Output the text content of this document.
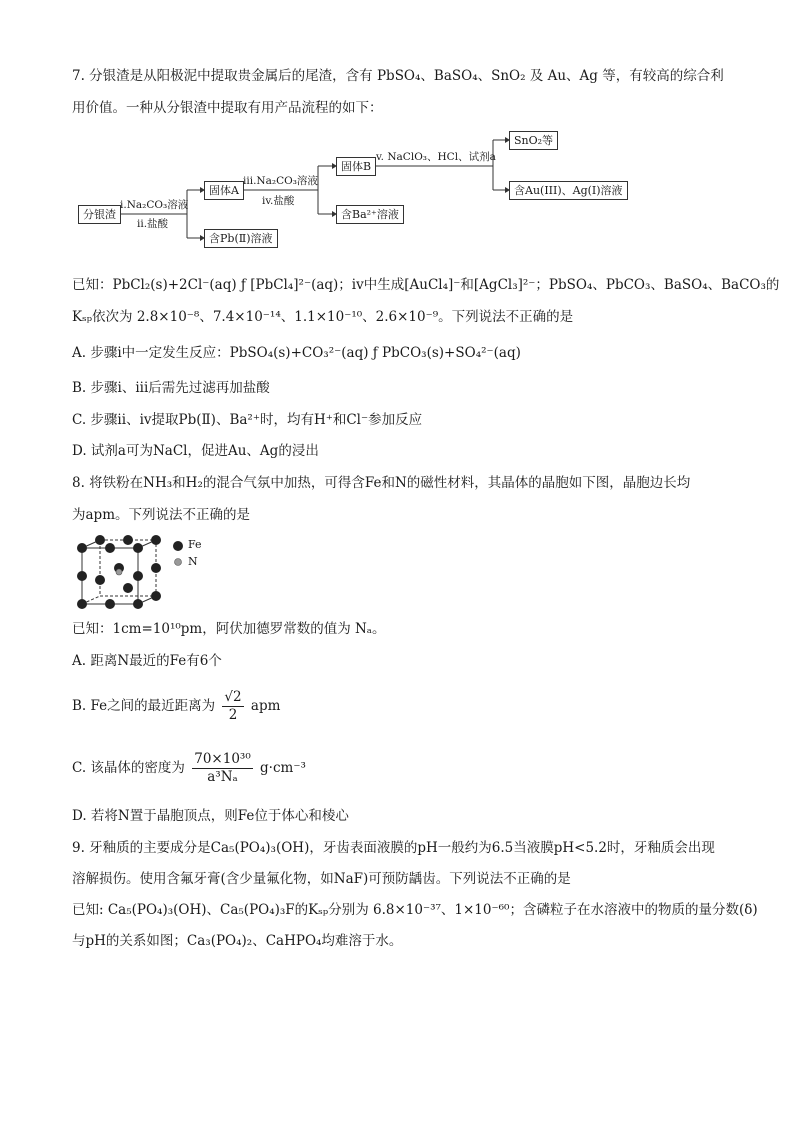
7. 分银渣是从阳极泥中提取贵金属后的尾渣，含有 PbSO₄、BaSO₄、SnO₂ 及 Au、Ag 等，有较高的综合利
用价值。一种从分银渣中提取有用产品流程的如下：
分银渣
i.Na₂CO₃溶液
ii.盐酸
固体A
含Pb(Ⅱ)溶液
iii.Na₂CO₃溶液
iv.盐酸
固体B
含Ba²⁺溶液
v. NaClO₃、HCl、试剂a
SnO₂等
含Au(III)、Ag(I)溶液
已知：PbCl₂(s)+2Cl⁻(aq) ƒ [PbCl₄]²⁻(aq)；iv中生成[AuCl₄]⁻和[AgCl₃]²⁻；PbSO₄、PbCO₃、BaSO₄、BaCO₃的
Kₛₚ依次为 2.8×10⁻⁸、7.4×10⁻¹⁴、1.1×10⁻¹⁰、2.6×10⁻⁹。下列说法不正确的是
A. 步骤ⅰ中一定发生反应：PbSO₄(s)+CO₃²⁻(aq) ƒ PbCO₃(s)+SO₄²⁻(aq)
B. 步骤ⅰ、iii后需先过滤再加盐酸
C. 步骤ii、iv提取Pb(Ⅱ)、Ba²⁺时，均有H⁺和Cl⁻参加反应
D. 试剂a可为NaCl，促进Au、Ag的浸出
8. 将铁粉在NH₃和H₂的混合气氛中加热，可得含Fe和N的磁性材料，其晶体的晶胞如下图，晶胞边长均
为apm。下列说法不正确的是
Fe
N
已知：1cm=10¹⁰pm，阿伏加德罗常数的值为 Nₐ。
A. 距离N最近的Fe有6个
B. Fe之间的最近距离为 $\frac{√2}{2}$ apm
C. 该晶体的密度为 $\frac{\text{70×10³⁰}}{\text{a³Nₐ}} g\cdot cm^{-3}$
D. 若将N置于晶胞顶点，则Fe位于体心和棱心
9. 牙釉质的主要成分是Ca₅(PO₄)₃(OH)，牙齿表面液膜的pH一般约为6.5当液膜pH<5.2时，牙釉质会出现
溶解损伤。使用含氟牙膏(含少量氟化物，如NaF)可预防龋齿。下列说法不正确的是
已知: Ca₅(PO₄)₃(OH)、Ca₅(PO₄)₃F的Kₛₚ分别为 6.8×10⁻³⁷、1×10⁻⁶⁰；含磷粒子在水溶液中的物质的量分数(δ)
与pH的关系如图；Ca₃(PO₄)₂、CaHPO₄均难溶于水。
